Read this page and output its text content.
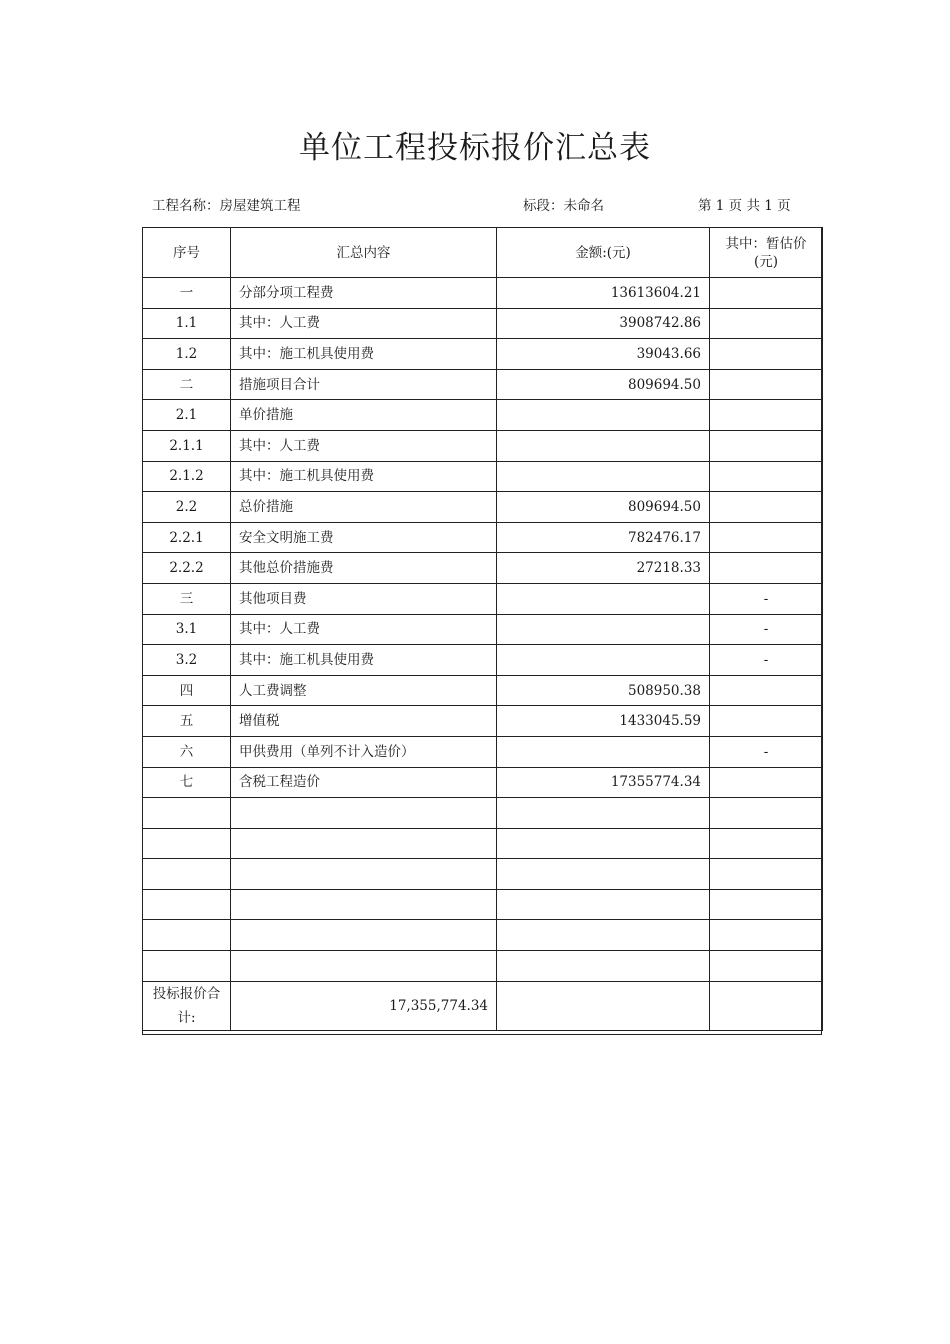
单位工程投标报价汇总表
工程名称：房屋建筑工程	标段：未命名	第 1 页 共 1 页
序号	汇总内容	金额:(元)	其中：暂估价(元)
一	分部分项工程费	13613604.21	
1.1	其中：人工费	3908742.86	
1.2	其中：施工机具使用费	39043.66	
二	措施项目合计	809694.50	
2.1	单价措施		
2.1.1	其中：人工费		
2.1.2	其中：施工机具使用费		
2.2	总价措施	809694.50	
2.2.1	安全文明施工费	782476.17	
2.2.2	其他总价措施费	27218.33	
三	其他项目费		-
3.1	其中：人工费		-
3.2	其中：施工机具使用费		-
四	人工费调整	508950.38	
五	增值税	1433045.59	
六	甲供费用（单列不计入造价）		-
七	含税工程造价	17355774.34	

投标报价合计:	17,355,774.34		
